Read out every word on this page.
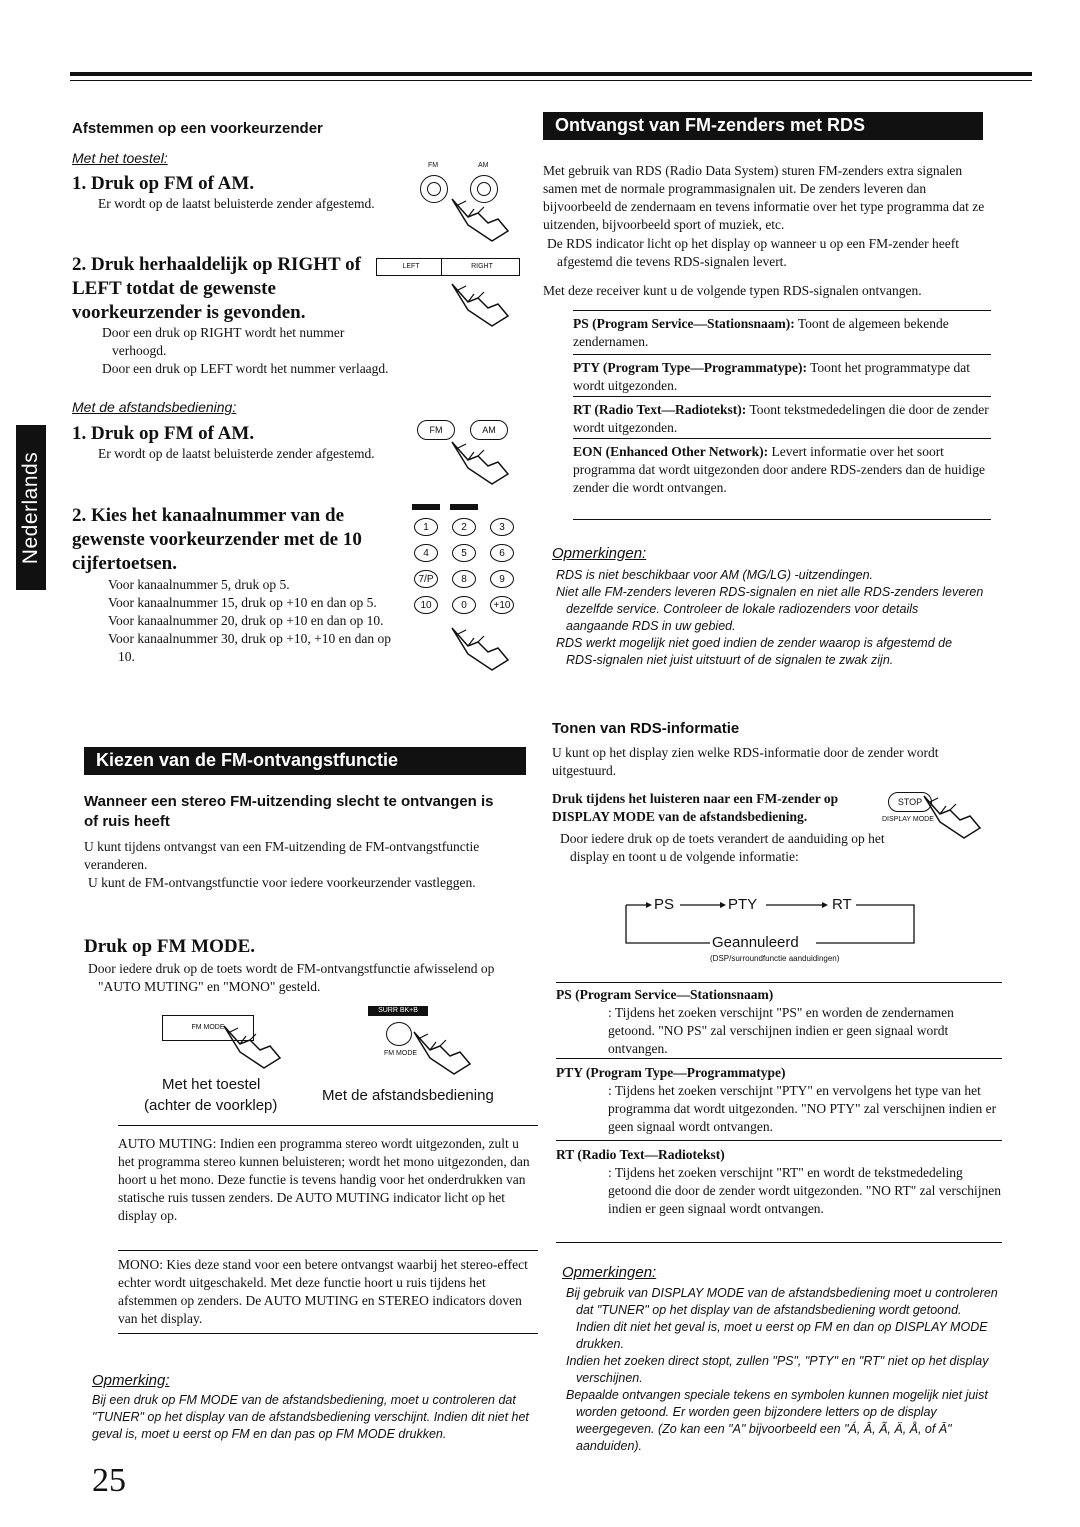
Nederlands
Afstemmen op een voorkeurzender
Met het toestel:
1. Druk op FM of AM.
Er wordt op de laatst beluisterde zender afgestemd.
FM	AM
2. Druk herhaaldelijk op RIGHT of LEFT totdat de gewenste voorkeurzender is gevonden.
LEFT	RIGHT
Door een druk op RIGHT wordt het nummer verhoogd.
Door een druk op LEFT wordt het nummer verlaagd.
Met de afstandsbediening:
1. Druk op FM of AM.
Er wordt op de laatst beluisterde zender afgestemd.
FM	AM
2. Kies het kanaalnummer van de gewenste voorkeurzender met de 10 cijfertoetsen.
Voor kanaalnummer 5, druk op 5.
Voor kanaalnummer 15, druk op +10 en dan op 5.
Voor kanaalnummer 20, druk op +10 en dan op 10.
Voor kanaalnummer 30, druk op +10, +10 en dan op 10.
1	2	3
4	5	6
7/P	8	9
10	0	+10
Kiezen van de FM-ontvangstfunctie
Wanneer een stereo FM-uitzending slecht te ontvangen is of ruis heeft
U kunt tijdens ontvangst van een FM-uitzending de FM-ontvangstfunctie veranderen.
U kunt de FM-ontvangstfunctie voor iedere voorkeurzender vastleggen.
Druk op FM MODE.
Door iedere druk op de toets wordt de FM-ontvangstfunctie afwisselend op "AUTO MUTING" en "MONO" gesteld.
FM MODE
SURR BK+B
FM MODE
Met het toestel
(achter de voorklep)
Met de afstandsbediening
AUTO MUTING: Indien een programma stereo wordt uitgezonden, zult u het programma stereo kunnen beluisteren; wordt het mono uitgezonden, dan hoort u het mono. Deze functie is tevens handig voor het onderdrukken van statische ruis tussen zenders. De AUTO MUTING indicator licht op het display op.
MONO: Kies deze stand voor een betere ontvangst waarbij het stereo-effect echter wordt uitgeschakeld. Met deze functie hoort u ruis tijdens het afstemmen op zenders. De AUTO MUTING en STEREO indicators doven van het display.
Opmerking:
Bij een druk op FM MODE van de afstandsbediening, moet u controleren dat "TUNER" op het display van de afstandsbediening verschijnt. Indien dit niet het geval is, moet u eerst op FM en dan pas op FM MODE drukken.
25
Ontvangst van FM-zenders met RDS
Met gebruik van RDS (Radio Data System) sturen FM-zenders extra signalen samen met de normale programmasignalen uit. De zenders leveren dan bijvoorbeeld de zendernaam en tevens informatie over het type programma dat ze uitzenden, bijvoorbeeld sport of muziek, etc.
De RDS indicator licht op het display op wanneer u op een FM-zender heeft afgestemd die tevens RDS-signalen levert.
Met deze receiver kunt u de volgende typen RDS-signalen ontvangen.
PS (Program Service—Stationsnaam): Toont de algemeen bekende zendernamen.
PTY (Program Type—Programmatype): Toont het programmatype dat wordt uitgezonden.
RT (Radio Text—Radiotekst): Toont tekstmededelingen die door de zender wordt uitgezonden.
EON (Enhanced Other Network): Levert informatie over het soort programma dat wordt uitgezonden door andere RDS-zenders dan de huidige zender die wordt ontvangen.
Opmerkingen:
RDS is niet beschikbaar voor AM (MG/LG) -uitzendingen.
Niet alle FM-zenders leveren RDS-signalen en niet alle RDS-zenders leveren dezelfde service. Controleer de lokale radiozenders voor details aangaande RDS in uw gebied.
RDS werkt mogelijk niet goed indien de zender waarop is afgestemd de RDS-signalen niet juist uitstuurt of de signalen te zwak zijn.
Tonen van RDS-informatie
U kunt op het display zien welke RDS-informatie door de zender wordt uitgestuurd.
Druk tijdens het luisteren naar een FM-zender op DISPLAY MODE van de afstandsbediening.
STOP
DISPLAY MODE
Door iedere druk op de toets verandert de aanduiding op het display en toont u de volgende informatie:
PS	PTY	RT
Geannuleerd
(DSP/surroundfunctie aanduidingen)
PS (Program Service—Stationsnaam)
: Tijdens het zoeken verschijnt "PS" en worden de zendernamen getoond. "NO PS" zal verschijnen indien er geen signaal wordt ontvangen.
PTY (Program Type—Programmatype)
: Tijdens het zoeken verschijnt "PTY" en vervolgens het type van het programma dat wordt uitgezonden. "NO PTY" zal verschijnen indien er geen signaal wordt ontvangen.
RT (Radio Text—Radiotekst)
: Tijdens het zoeken verschijnt "RT" en wordt de tekstmededeling getoond die door de zender wordt uitgezonden. "NO RT" zal verschijnen indien er geen signaal wordt ontvangen.
Opmerkingen:
Bij gebruik van DISPLAY MODE van de afstandsbediening moet u controleren dat "TUNER" op het display van de afstandsbediening wordt getoond. Indien dit niet het geval is, moet u eerst op FM en dan op DISPLAY MODE drukken.
Indien het zoeken direct stopt, zullen "PS", "PTY" en "RT" niet op het display verschijnen.
Bepaalde ontvangen speciale tekens en symbolen kunnen mogelijk niet juist worden getoond. Er worden geen bijzondere letters op de display weergegeven. (Zo kan een "A" bijvoorbeeld een "Á, Â, Ã, Ä, Å, of Ā" aanduiden).
